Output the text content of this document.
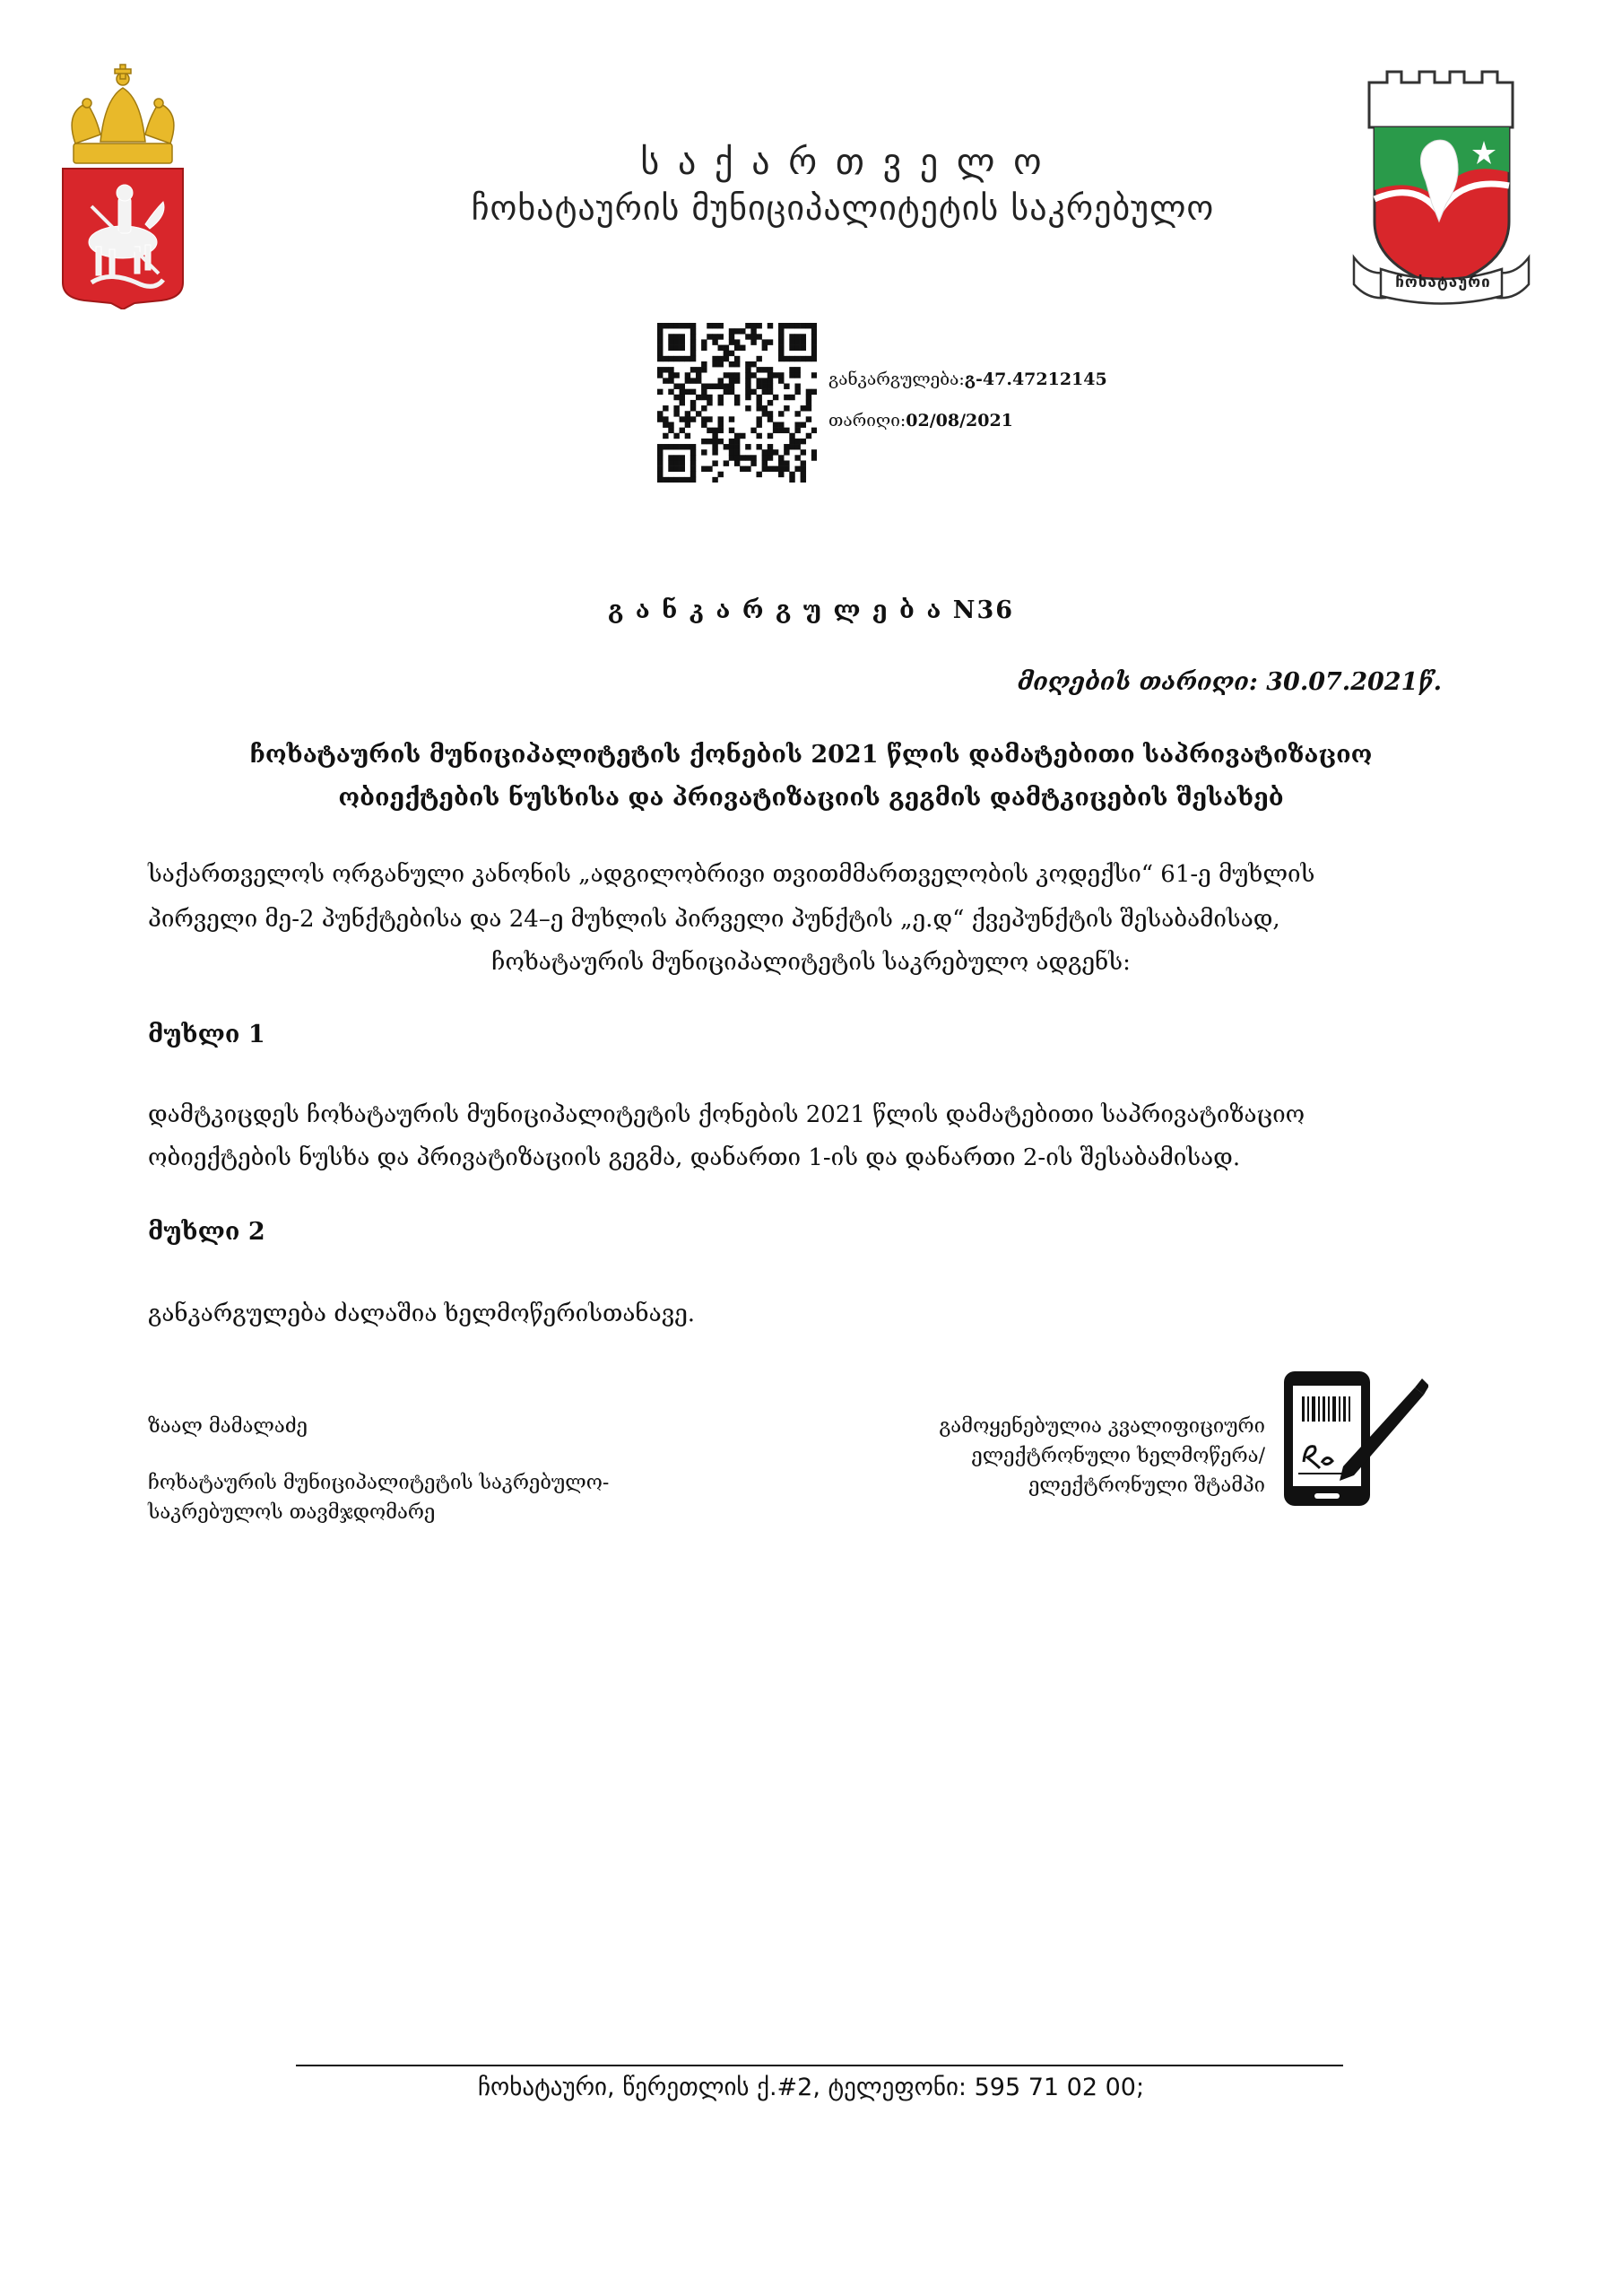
ს ა ქ ა რ თ ვ ე ლ ო
ჩოხატაურის მუნიციპალიტეტის საკრებულო
ჩოხატაური
განკარგულება:გ-47.47212145
თარიღი:02/08/2021
გ ა ნ კ ა რ გ უ ლ ე ბ ა N36
მიღების თარიღი: 30.07.2021წ.
ჩოხატაურის მუნიციპალიტეტის ქონების 2021 წლის დამატებითი საპრივატიზაციო
ობიექტების ნუსხისა და პრივატიზაციის გეგმის დამტკიცების შესახებ
საქართველოს ორგანული კანონის „ადგილობრივი თვითმმართველობის კოდექსი“ 61-ე მუხლის
პირველი მე-2 პუნქტებისა და 24–ე მუხლის პირველი პუნქტის „ე.დ“ ქვეპუნქტის შესაბამისად,
ჩოხატაურის მუნიციპალიტეტის საკრებულო ადგენს:
მუხლი 1
დამტკიცდეს ჩოხატაურის მუნიციპალიტეტის ქონების 2021 წლის დამატებითი საპრივატიზაციო
ობიექტების ნუსხა და პრივატიზაციის გეგმა, დანართი 1-ის და დანართი 2-ის შესაბამისად.
მუხლი 2
განკარგულება ძალაშია ხელმოწერისთანავე.
ზაალ მამალაძე
ჩოხატაურის მუნიციპალიტეტის საკრებულო-
საკრებულოს თავმჯდომარე
გამოყენებულია კვალიფიციური
ელექტრონული ხელმოწერა/
ელექტრონული შტამპი
ჩოხატაური, წერეთლის ქ.#2, ტელეფონი: 595 71 02 00;
